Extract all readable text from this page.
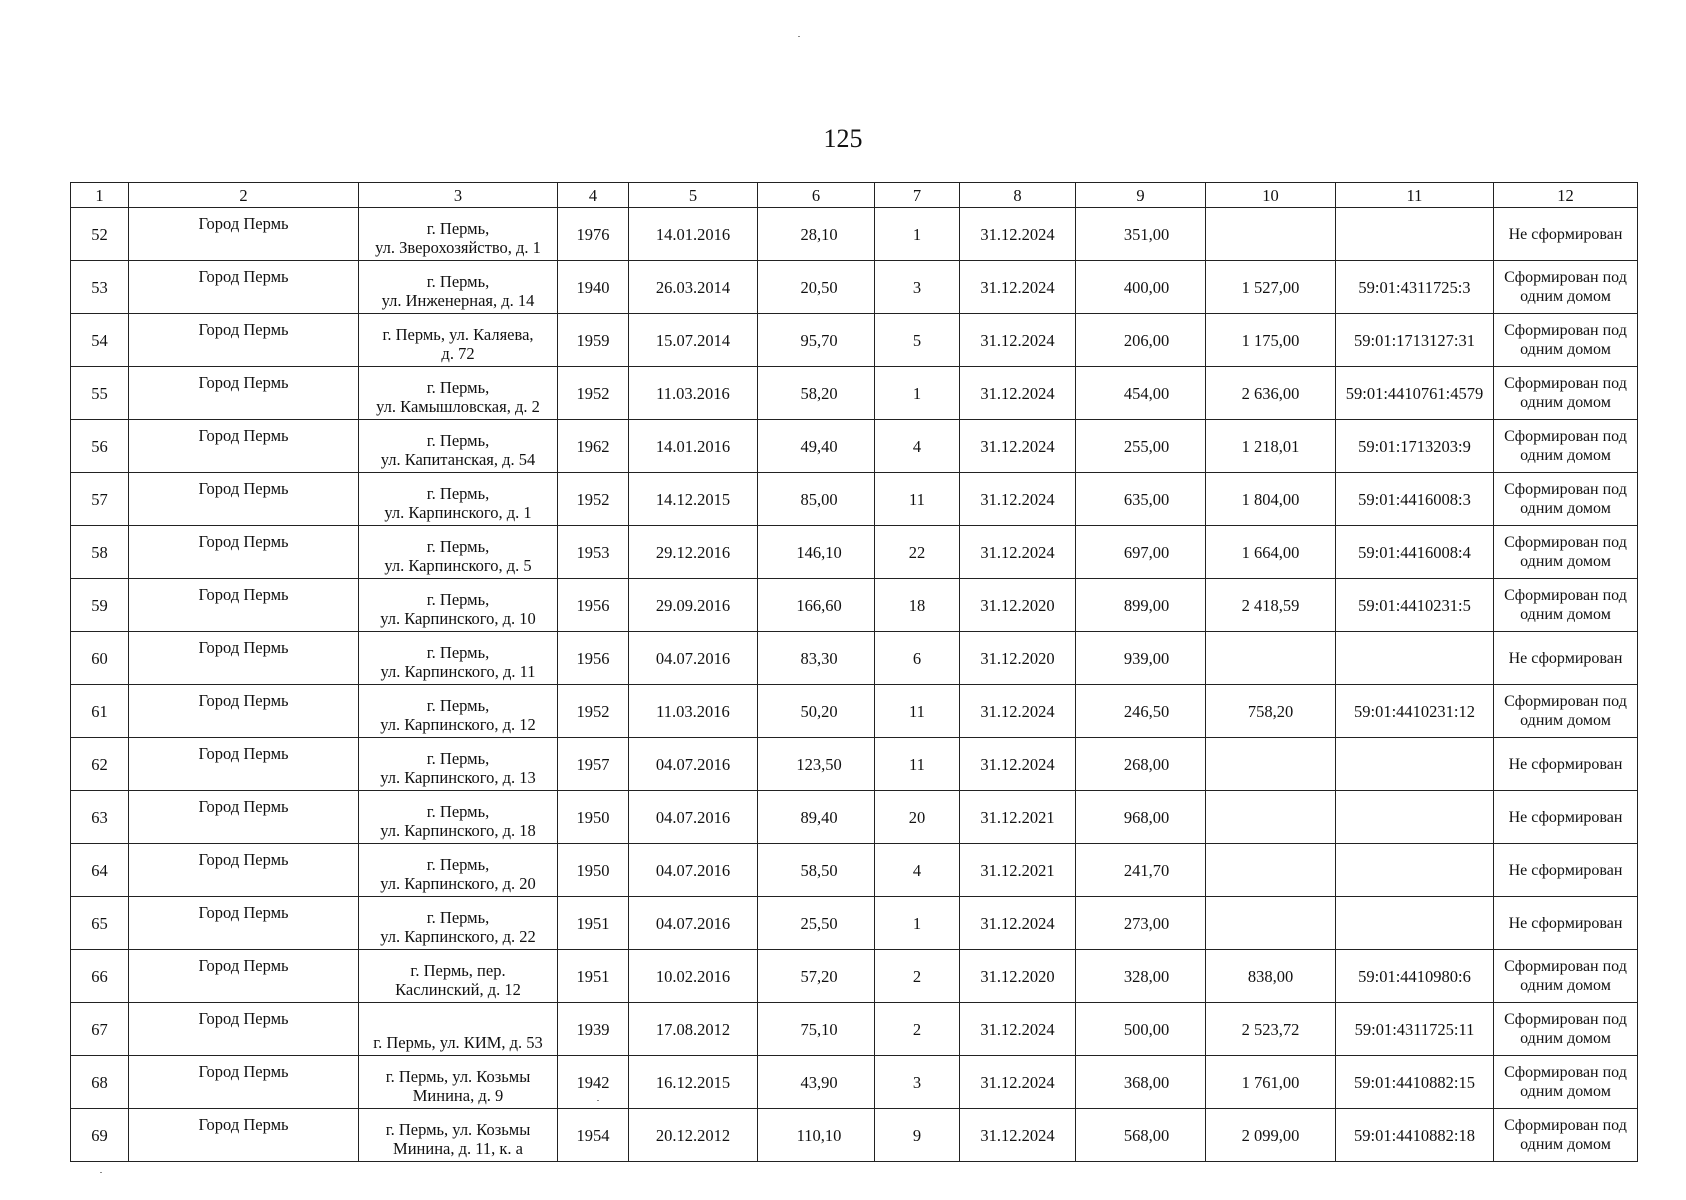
125
1	2	3	4	5	6	7	8	9	10	11	12
52	Город Пермь	г. Пермь,
ул. Зверохозяйство, д. 1	1976	14.01.2016	28,10	1	31.12.2024	351,00			Не сформирован
53	Город Пермь	г. Пермь,
ул. Инженерная, д. 14	1940	26.03.2014	20,50	3	31.12.2024	400,00	1 527,00	59:01:4311725:3	Сформирован под одним домом
54	Город Пермь	г. Пермь, ул. Каляева,
д. 72	1959	15.07.2014	95,70	5	31.12.2024	206,00	1 175,00	59:01:1713127:31	Сформирован под одним домом
55	Город Пермь	г. Пермь,
ул. Камышловская, д. 2	1952	11.03.2016	58,20	1	31.12.2024	454,00	2 636,00	59:01:4410761:4579	Сформирован под одним домом
56	Город Пермь	г. Пермь,
ул. Капитанская, д. 54	1962	14.01.2016	49,40	4	31.12.2024	255,00	1 218,01	59:01:1713203:9	Сформирован под одним домом
57	Город Пермь	г. Пермь,
ул. Карпинского, д. 1	1952	14.12.2015	85,00	11	31.12.2024	635,00	1 804,00	59:01:4416008:3	Сформирован под одним домом
58	Город Пермь	г. Пермь,
ул. Карпинского, д. 5	1953	29.12.2016	146,10	22	31.12.2024	697,00	1 664,00	59:01:4416008:4	Сформирован под одним домом
59	Город Пермь	г. Пермь,
ул. Карпинского, д. 10	1956	29.09.2016	166,60	18	31.12.2020	899,00	2 418,59	59:01:4410231:5	Сформирован под одним домом
60	Город Пермь	г. Пермь,
ул. Карпинского, д. 11	1956	04.07.2016	83,30	6	31.12.2020	939,00			Не сформирован
61	Город Пермь	г. Пермь,
ул. Карпинского, д. 12	1952	11.03.2016	50,20	11	31.12.2024	246,50	758,20	59:01:4410231:12	Сформирован под одним домом
62	Город Пермь	г. Пермь,
ул. Карпинского, д. 13	1957	04.07.2016	123,50	11	31.12.2024	268,00			Не сформирован
63	Город Пермь	г. Пермь,
ул. Карпинского, д. 18	1950	04.07.2016	89,40	20	31.12.2021	968,00			Не сформирован
64	Город Пермь	г. Пермь,
ул. Карпинского, д. 20	1950	04.07.2016	58,50	4	31.12.2021	241,70			Не сформирован
65	Город Пермь	г. Пермь,
ул. Карпинского, д. 22	1951	04.07.2016	25,50	1	31.12.2024	273,00			Не сформирован
66	Город Пермь	г. Пермь, пер.
Каслинский, д. 12	1951	10.02.2016	57,20	2	31.12.2020	328,00	838,00	59:01:4410980:6	Сформирован под одним домом
67	Город Пермь	г. Пермь, ул. КИМ, д. 53	1939	17.08.2012	75,10	2	31.12.2024	500,00	2 523,72	59:01:4311725:11	Сформирован под одним домом
68	Город Пермь	г. Пермь, ул. Козьмы
Минина, д. 9	1942	16.12.2015	43,90	3	31.12.2024	368,00	1 761,00	59:01:4410882:15	Сформирован под одним домом
69	Город Пермь	г. Пермь, ул. Козьмы
Минина, д. 11, к. а	1954	20.12.2012	110,10	9	31.12.2024	568,00	2 099,00	59:01:4410882:18	Сформирован под одним домом
